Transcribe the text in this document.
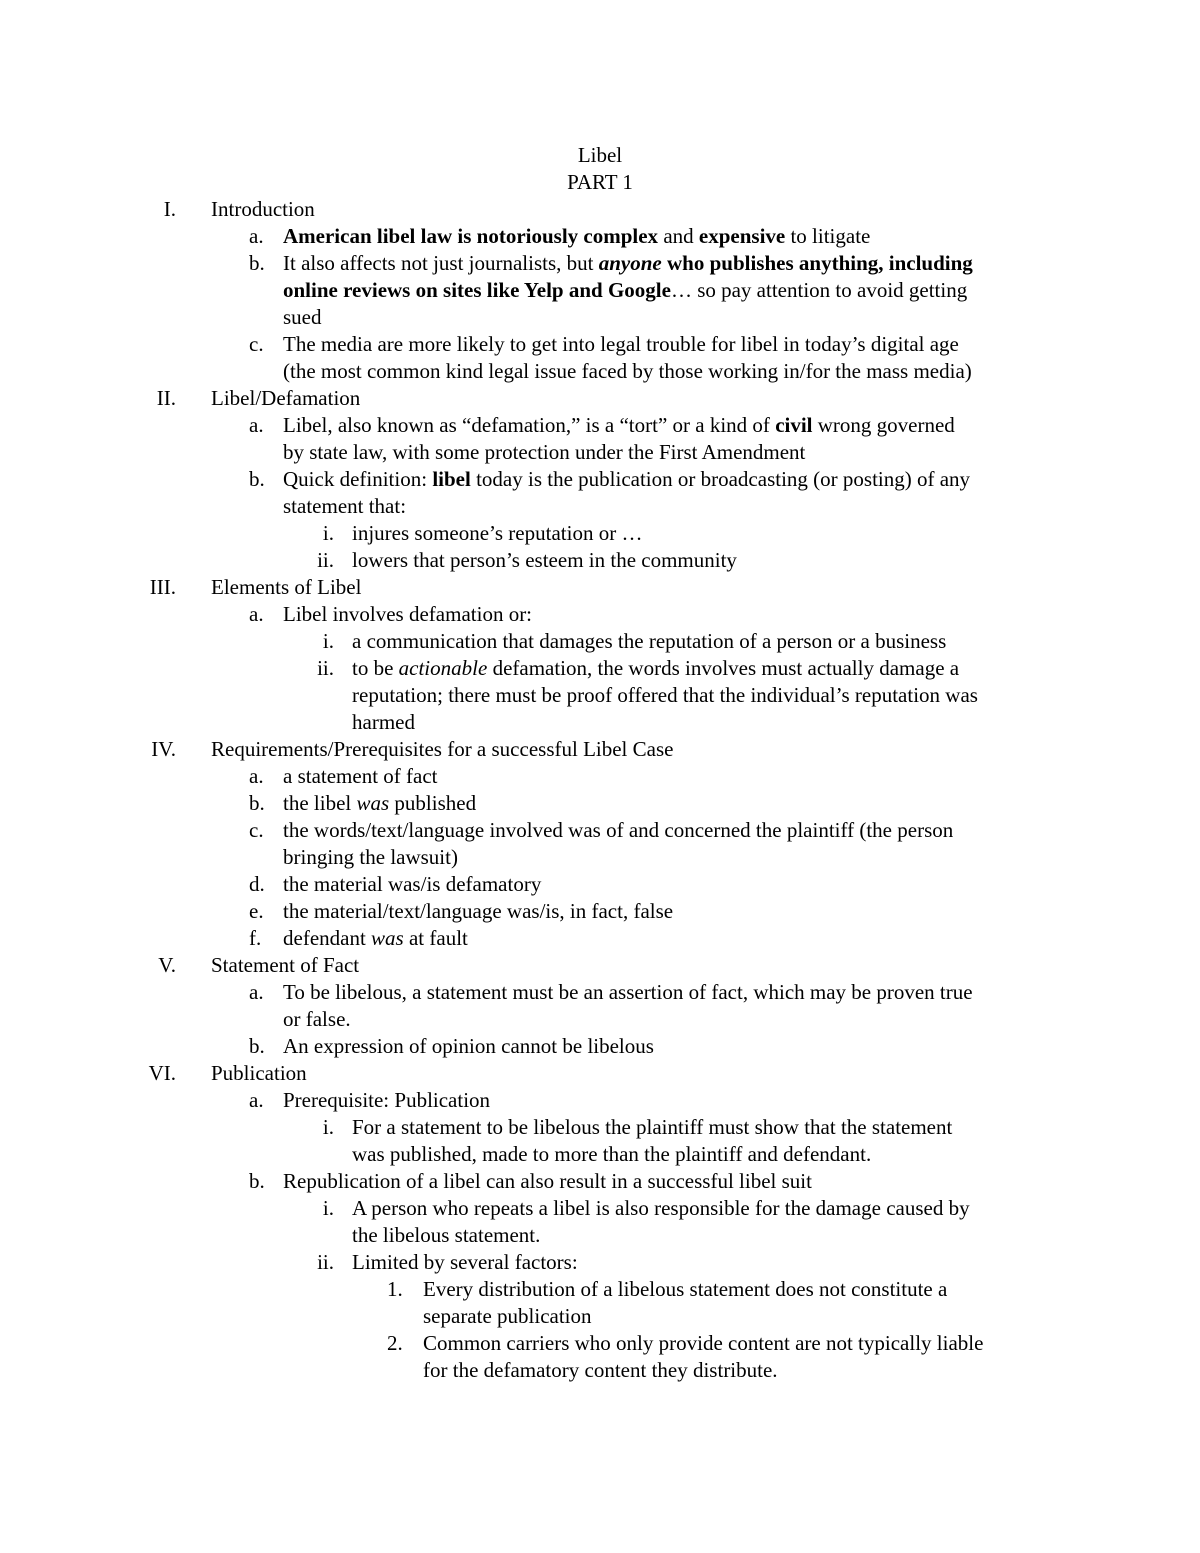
Libel
PART 1
I. Introduction
a. American libel law is notoriously complex and expensive to litigate
b. It also affects not just journalists, but anyone who publishes anything, including
online reviews on sites like Yelp and Google… so pay attention to avoid getting
sued
c. The media are more likely to get into legal trouble for libel in today’s digital age
(the most common kind legal issue faced by those working in/for the mass media)
II. Libel/Defamation
a. Libel, also known as “defamation,” is a “tort” or a kind of civil wrong governed
by state law, with some protection under the First Amendment
b. Quick definition: libel today is the publication or broadcasting (or posting) of any
statement that:
i. injures someone’s reputation or …
ii. lowers that person’s esteem in the community
III. Elements of Libel
a. Libel involves defamation or:
i. a communication that damages the reputation of a person or a business
ii. to be actionable defamation, the words involves must actually damage a
reputation; there must be proof offered that the individual’s reputation was
harmed
IV. Requirements/Prerequisites for a successful Libel Case
a. a statement of fact
b. the libel was published
c. the words/text/language involved was of and concerned the plaintiff (the person
bringing the lawsuit)
d. the material was/is defamatory
e. the material/text/language was/is, in fact, false
f. defendant was at fault
V. Statement of Fact
a. To be libelous, a statement must be an assertion of fact, which may be proven true
or false.
b. An expression of opinion cannot be libelous
VI. Publication
a. Prerequisite: Publication
i. For a statement to be libelous the plaintiff must show that the statement
was published, made to more than the plaintiff and defendant.
b. Republication of a libel can also result in a successful libel suit
i. A person who repeats a libel is also responsible for the damage caused by
the libelous statement.
ii. Limited by several factors:
1. Every distribution of a libelous statement does not constitute a
separate publication
2. Common carriers who only provide content are not typically liable
for the defamatory content they distribute.
